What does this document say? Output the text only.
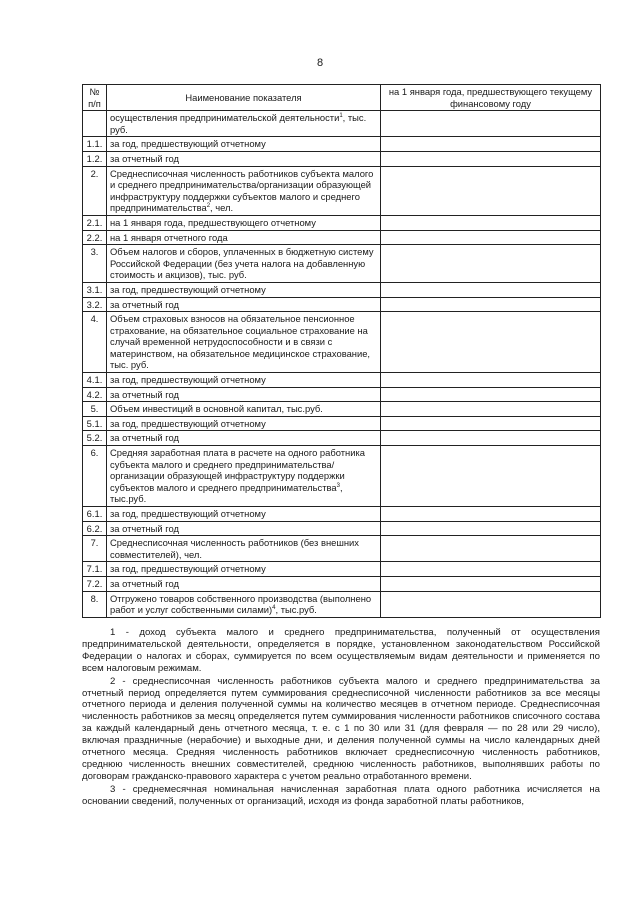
8
№ п/п	Наименование показателя	на 1 января года, предшествующего текущему финансовому году
	осуществления предпринимательской деятельности$^1$, тыс. руб.	
1.1.	за год, предшествующий отчетному	
1.2.	за отчетный год	
2.	Среднесписочная численность работников субъекта малого и среднего предпринимательства/организации образующей инфраструктуру поддержки субъектов малого и среднего предпринимательства$^2$, чел.	
2.1.	на 1 января года, предшествующего отчетному	
2.2.	на 1 января отчетного года	
3.	Объем налогов и сборов, уплаченных в бюджетную систему Российской Федерации (без учета налога на добавленную стоимость и акцизов), тыс. руб.	
3.1.	за год, предшествующий отчетному	
3.2.	за отчетный год	
4.	Объем страховых взносов на обязательное пенсионное страхование, на обязательное социальное страхование на случай временной нетрудоспособности и в связи с материнством, на обязательное медицинское страхование, тыс. руб.	
4.1.	за год, предшествующий отчетному	
4.2.	за отчетный год	
5.	Объем инвестиций в основной капитал, тыс.руб.	
5.1.	за год, предшествующий отчетному	
5.2.	за отчетный год	
6.	Средняя заработная плата в расчете на одного работника субъекта малого и среднего предпринимательства/организации образующей инфраструктуру поддержки субъектов малого и среднего предпринимательства$^3$, тыс.руб.	
6.1.	за год, предшествующий отчетному	
6.2.	за отчетный год	
7.	Среднесписочная численность работников (без внешних совместителей), чел.	
7.1.	за год, предшествующий отчетному	
7.2.	за отчетный год	
8.	Отгружено товаров собственного производства (выполнено работ и услуг собственными силами)$^4$, тыс.руб.	

1 - доход субъекта малого и среднего предпринимательства, полученный от осуществления предпринимательской деятельности, определяется в порядке, установленном законодательством Российской Федерации о налогах и сборах, суммируется по всем осуществляемым видам деятельности и применяется по всем налоговым режимам.

2 - среднесписочная численность работников субъекта малого и среднего предпринимательства за отчетный период определяется путем суммирования среднесписочной численности работников за все месяцы отчетного периода и деления полученной суммы на количество месяцев в отчетном периоде. Среднесписочная численность работников за месяц определяется путем суммирования численности работников списочного состава за каждый календарный день отчетного месяца, т. е. с 1 по 30 или 31 (для февраля — по 28 или 29 число), включая праздничные (нерабочие) и выходные дни, и деления полученной суммы на число календарных дней отчетного месяца. Средняя численность работников включает среднесписочную численность работников, среднюю численность внешних совместителей, среднюю численность работников, выполнявших работы по договорам гражданско-правового характера с учетом реально отработанного времени.

3 - среднемесячная номинальная начисленная заработная плата одного работника исчисляется на основании сведений, полученных от организаций, исходя из фонда заработной платы работников,
